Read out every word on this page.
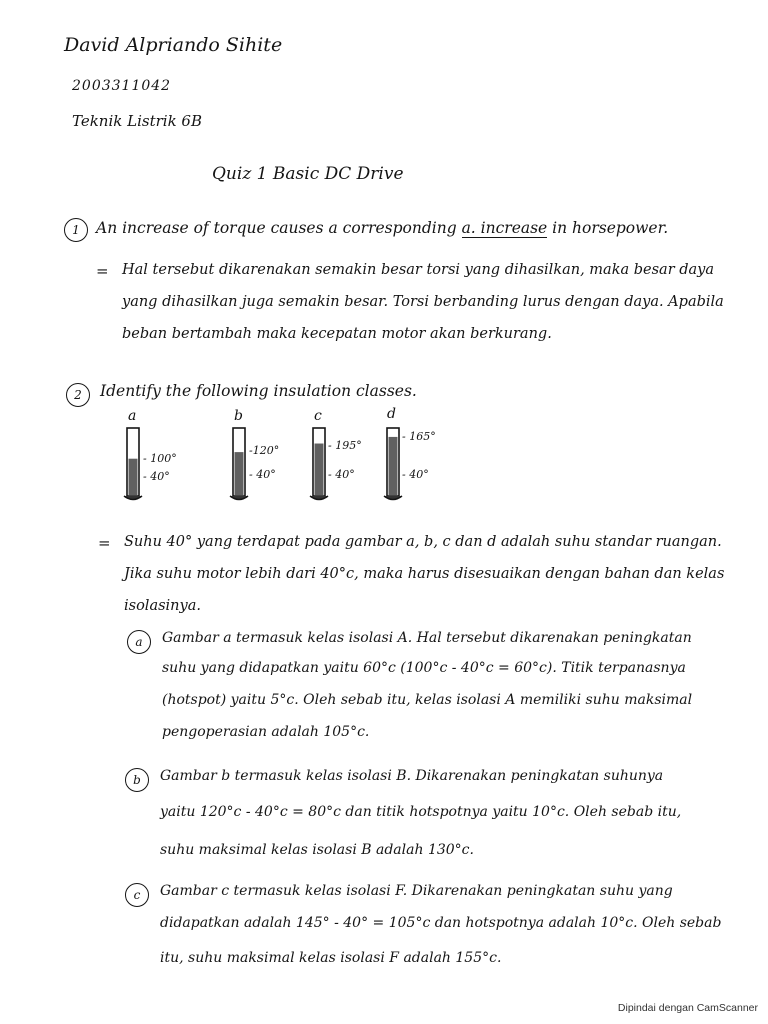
David Alpriando Sihite
2003311042
Teknik Listrik 6B
Quiz 1 Basic DC Drive
1	An increase of torque causes a corresponding a. increase in horsepower.
= Hal tersebut dikarenakan semakin besar torsi yang dihasilkan, maka besar daya
yang dihasilkan juga semakin besar. Torsi berbanding lurus dengan daya. Apabila
beban bertambah maka kecepatan motor akan berkurang.
2	Identify the following insulation classes.
a	b	c	d
- 100°
- 40°
-120°
- 40°
- 195°
- 40°
- 165°
- 40°
= Suhu 40° yang terdapat pada gambar a, b, c dan d adalah suhu standar ruangan.
Jika suhu motor lebih dari 40°c, maka harus disesuaikan dengan bahan dan kelas
isolasinya.
a	Gambar a termasuk kelas isolasi A. Hal tersebut dikarenakan peningkatan
suhu yang didapatkan yaitu 60°c (100°c - 40°c = 60°c). Titik terpanasnya
(hotspot) yaitu 5°c. Oleh sebab itu, kelas isolasi A memiliki suhu maksimal
pengoperasian adalah 105°c.
b	Gambar b termasuk kelas isolasi B. Dikarenakan peningkatan suhunya
yaitu 120°c - 40°c = 80°c dan titik hotspotnya yaitu 10°c. Oleh sebab itu,
suhu maksimal kelas isolasi B adalah 130°c.
c	Gambar c termasuk kelas isolasi F. Dikarenakan peningkatan suhu yang
didapatkan adalah 145° - 40° = 105°c dan hotspotnya adalah 10°c. Oleh sebab
itu, suhu maksimal kelas isolasi F adalah 155°c.
Dipindai dengan CamScanner
